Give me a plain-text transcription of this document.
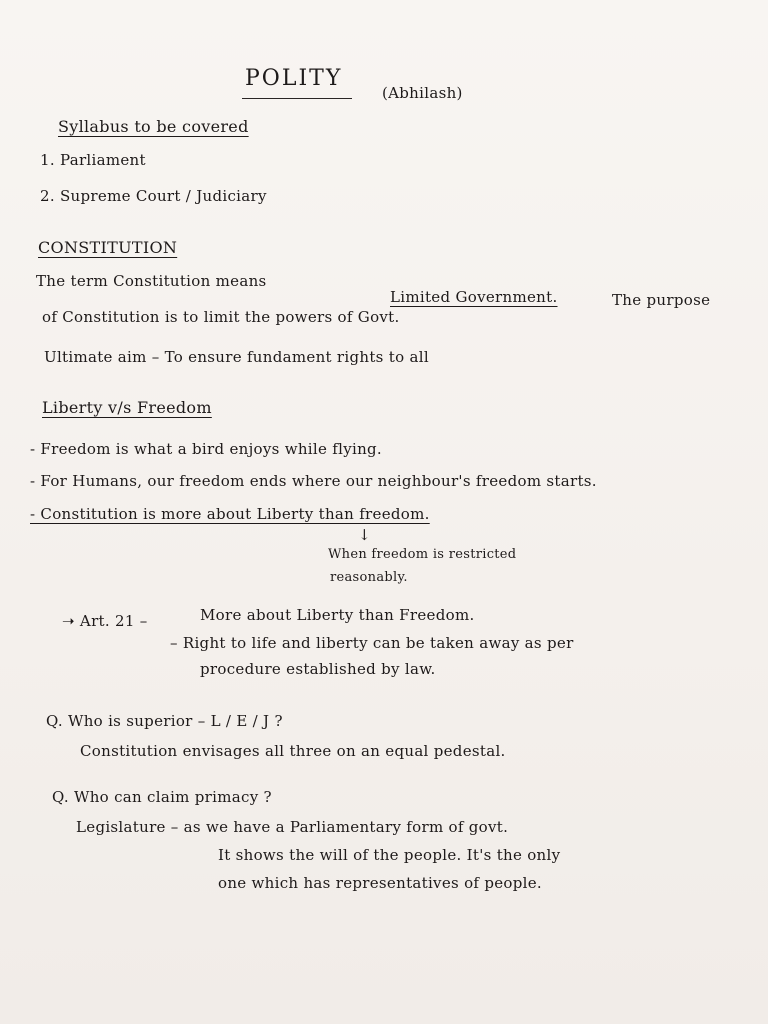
POLITY
(Abhilash)
Syllabus to be covered
1. Parliament
2. Supreme Court / Judiciary
CONSTITUTION
The term Constitution means
Limited Government.	The purpose
of Constitution is to limit the powers of Govt.
Ultimate aim – To ensure fundament rights to all
Liberty v/s Freedom
- Freedom is what a bird enjoys while flying.
- For Humans, our freedom ends where our neighbour's freedom starts.
- Constitution is more about Liberty than freedom.
↓
When freedom is restricted
reasonably.
➝ Art. 21 –	More about Liberty than Freedom.
– Right to life and liberty can be taken away as per
procedure established by law.
Q. Who is superior – L / E / J ?
Constitution envisages all three on an equal pedestal.
Q. Who can claim primacy ?
Legislature – as we have a Parliamentary form of govt.
It shows the will of the people. It's the only
one which has representatives of people.
